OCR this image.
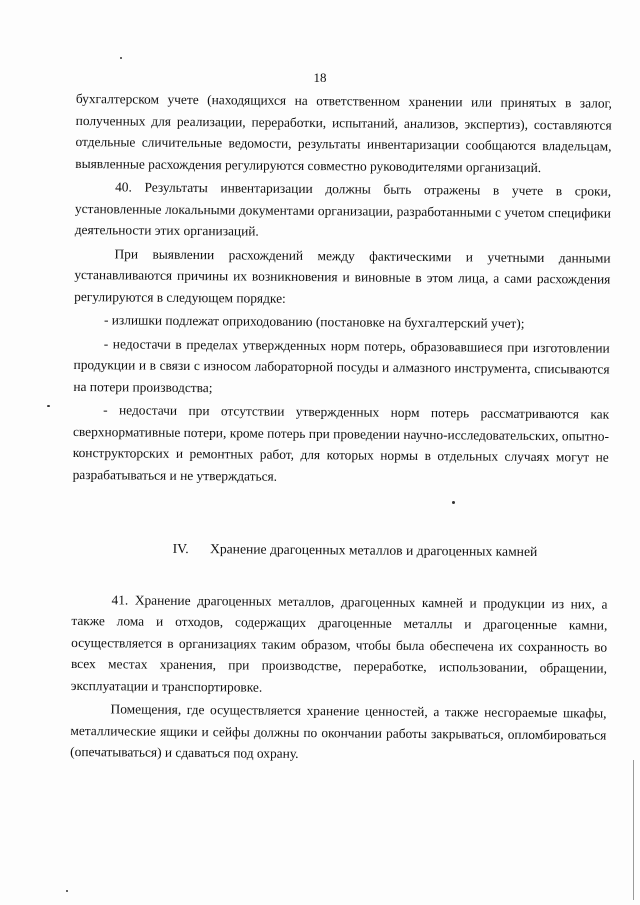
18

бухгалтерском учете (находящихся на ответственном хранении или принятых в залог, полученных для реализации, переработки, испытаний, анализов, экспертиз), составляются отдельные сличительные ведомости, результаты инвентаризации сообщаются владельцам, выявленные расхождения регулируются совместно руководителями организаций.

40. Результаты инвентаризации должны быть отражены в учете в сроки, установленные локальными документами организации, разработанными с учетом специфики деятельности этих организаций.

При выявлении расхождений между фактическими и учетными данными устанавливаются причины их возникновения и виновные в этом лица, а сами расхождения регулируются в следующем порядке:

- излишки подлежат оприходованию (постановке на бухгалтерский учет);

- недостачи в пределах утвержденных норм потерь, образовавшиеся при изготовлении продукции и в связи с износом лабораторной посуды и алмазного инструмента, списываются на потери производства;

- недостачи при отсутствии утвержденных норм потерь рассматриваются как сверхнормативные потери, кроме потерь при проведении научно-исследовательских, опытно-конструкторских и ремонтных работ, для которых нормы в отдельных случаях могут не разрабатываться и не утверждаться.

IV. Хранение драгоценных металлов и драгоценных камней

41. Хранение драгоценных металлов, драгоценных камней и продукции из них, а также лома и отходов, содержащих драгоценные металлы и драгоценные камни, осуществляется в организациях таким образом, чтобы была обеспечена их сохранность во всех местах хранения, при производстве, переработке, использовании, обращении, эксплуатации и транспортировке.

Помещения, где осуществляется хранение ценностей, а также несгораемые шкафы, металлические ящики и сейфы должны по окончании работы закрываться, опломбироваться (опечатываться) и сдаваться под охрану.
